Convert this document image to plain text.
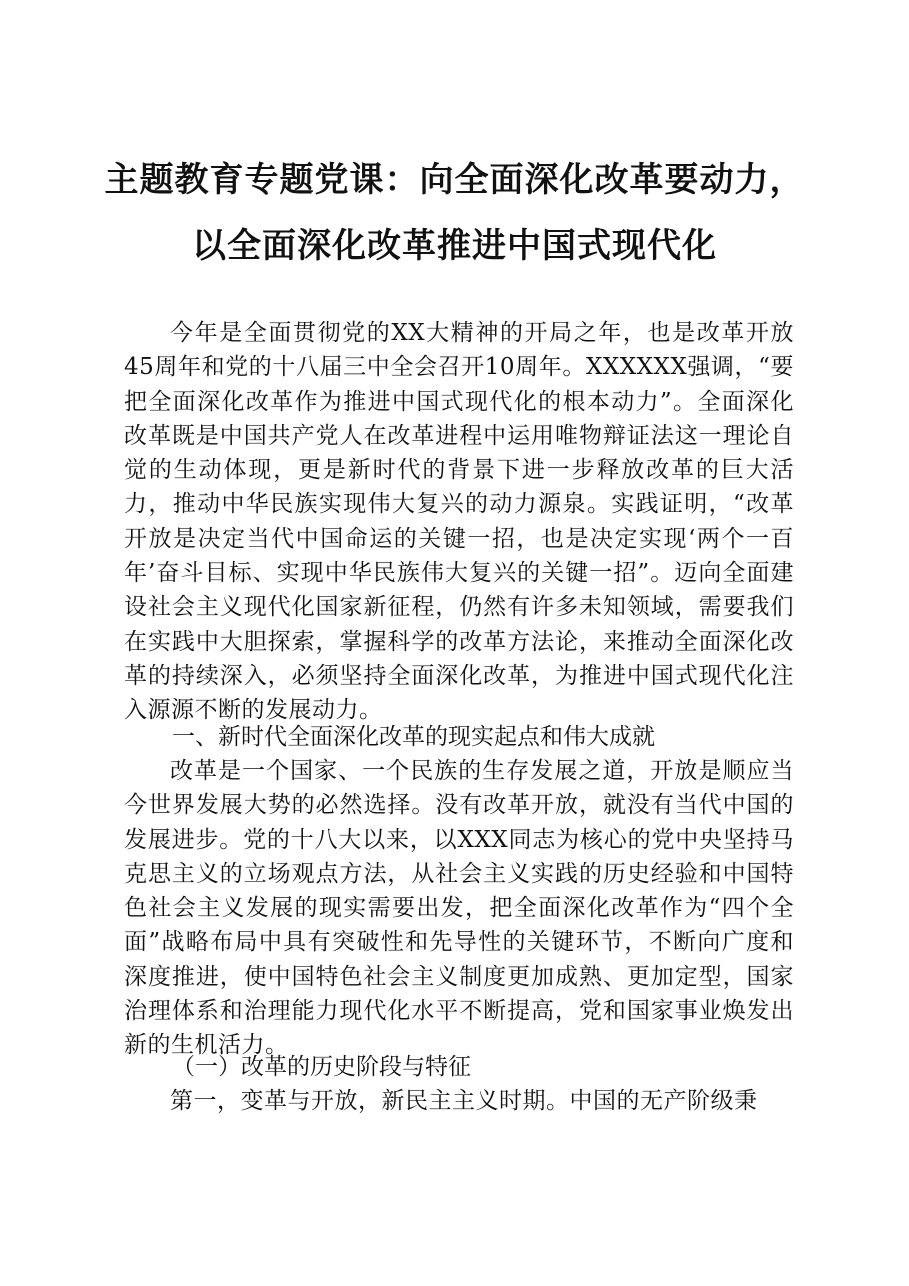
主题教育专题党课：向全面深化改革要动力，
以全面深化改革推进中国式现代化

今年是全面贯彻党的XX大精神的开局之年，也是改革开放45周年和党的十八届三中全会召开10周年。XXXXXX强调，“要把全面深化改革作为推进中国式现代化的根本动力”。全面深化改革既是中国共产党人在改革进程中运用唯物辩证法这一理论自觉的生动体现，更是新时代的背景下进一步释放改革的巨大活力，推动中华民族实现伟大复兴的动力源泉。实践证明，“改革开放是决定当代中国命运的关键一招，也是决定实现‘两个一百年’奋斗目标、实现中华民族伟大复兴的关键一招”。迈向全面建设社会主义现代化国家新征程，仍然有许多未知领域，需要我们在实践中大胆探索，掌握科学的改革方法论，来推动全面深化改革的持续深入，必须坚持全面深化改革，为推进中国式现代化注入源源不断的发展动力。

一、新时代全面深化改革的现实起点和伟大成就

改革是一个国家、一个民族的生存发展之道，开放是顺应当今世界发展大势的必然选择。没有改革开放，就没有当代中国的发展进步。党的十八大以来，以XXX同志为核心的党中央坚持马克思主义的立场观点方法，从社会主义实践的历史经验和中国特色社会主义发展的现实需要出发，把全面深化改革作为“四个全面”战略布局中具有突破性和先导性的关键环节，不断向广度和深度推进，使中国特色社会主义制度更加成熟、更加定型，国家治理体系和治理能力现代化水平不断提高，党和国家事业焕发出新的生机活力。

（一）改革的历史阶段与特征

第一，变革与开放，新民主主义时期。中国的无产阶级秉
